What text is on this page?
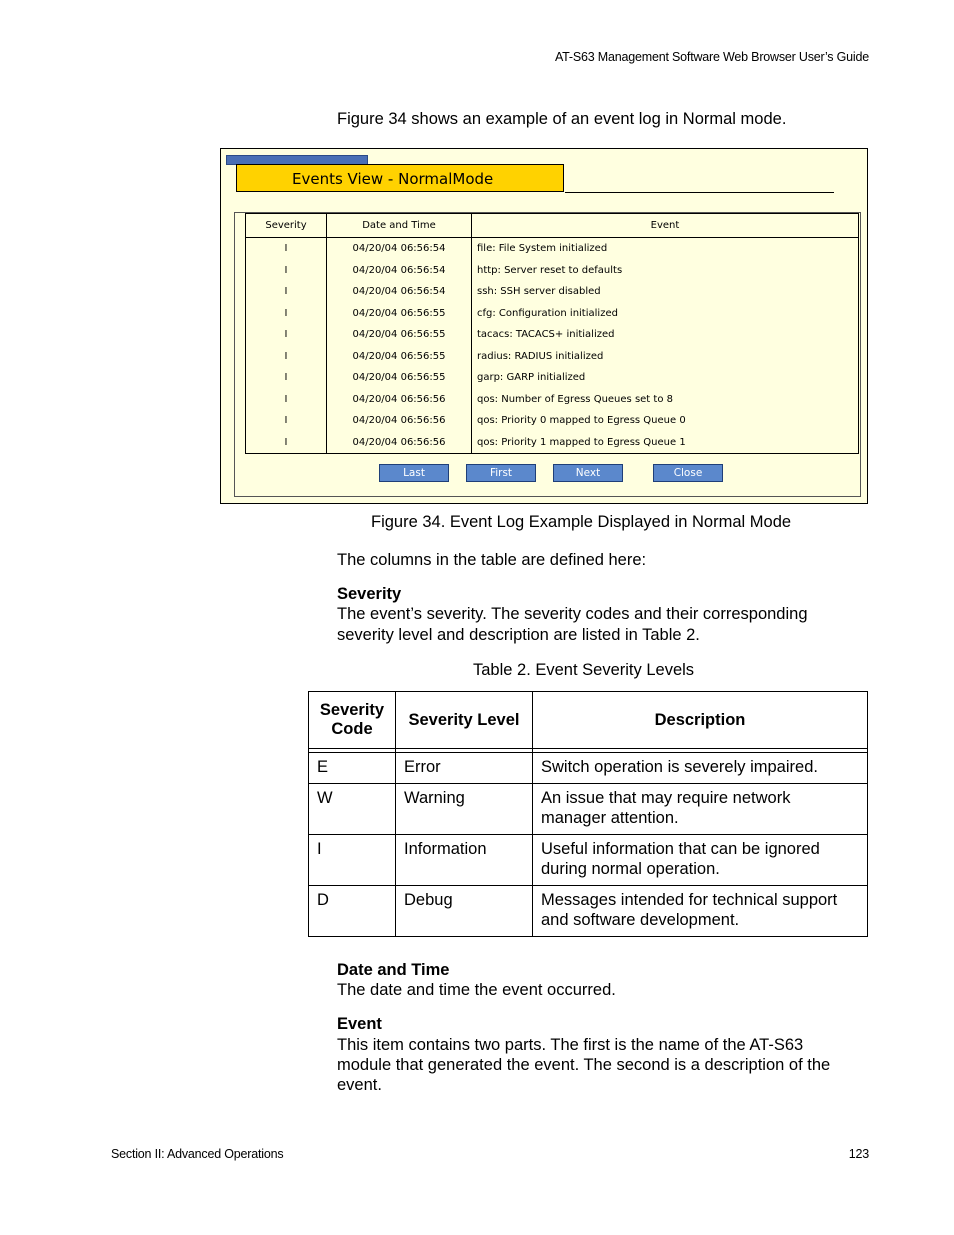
AT-S63 Management Software Web Browser User’s Guide
Figure 34 shows an example of an event log in Normal mode.
Events View - NormalMode
Severity	Date and Time	Event
I	04/20/04 06:56:54	file: File System initialized
I	04/20/04 06:56:54	http: Server reset to defaults
I	04/20/04 06:56:54	ssh: SSH server disabled
I	04/20/04 06:56:55	cfg: Configuration initialized
I	04/20/04 06:56:55	tacacs: TACACS+ initialized
I	04/20/04 06:56:55	radius: RADIUS initialized
I	04/20/04 06:56:55	garp: GARP initialized
I	04/20/04 06:56:56	qos: Number of Egress Queues set to 8
I	04/20/04 06:56:56	qos: Priority 0 mapped to Egress Queue 0
I	04/20/04 06:56:56	qos: Priority 1 mapped to Egress Queue 1
Last	First	Next	Close
Figure 34. Event Log Example Displayed in Normal Mode
The columns in the table are defined here:
Severity
The event’s severity. The severity codes and their corresponding
severity level and description are listed in Table 2.
Table 2. Event Severity Levels
Severity
Code	Severity Level	Description

E	Error	Switch operation is severely impaired.

W	Warning	An issue that may require network
manager attention.

I	Information	Useful information that can be ignored
during normal operation.

D	Debug	Messages intended for technical support
and software development.
Date and Time
The date and time the event occurred.
Event
This item contains two parts. The first is the name of the AT-S63
module that generated the event. The second is a description of the
event.
Section II: Advanced Operations	123
